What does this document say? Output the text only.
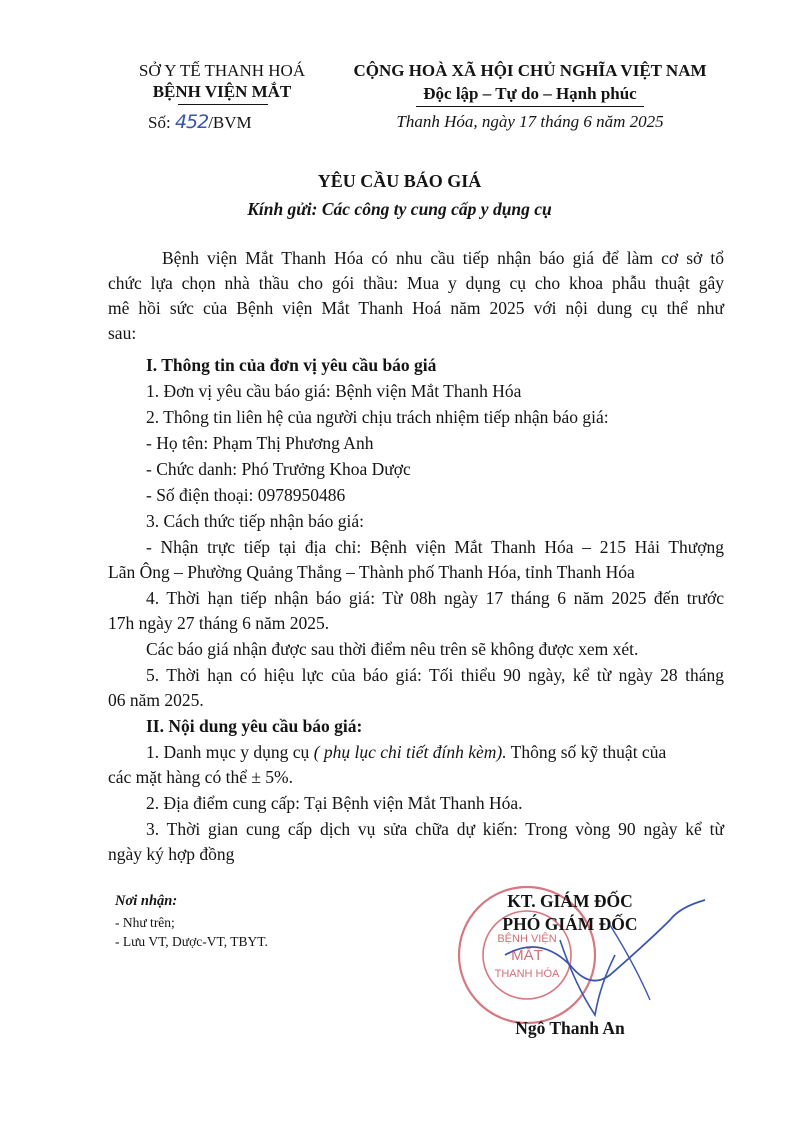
SỞ Y TẾ THANH HOÁ
BỆNH VIỆN MẮT
Số: 452/BVM
CỘNG HOÀ XÃ HỘI CHỦ NGHĨA VIỆT NAM
Độc lập – Tự do – Hạnh phúc
Thanh Hóa, ngày 17 tháng 6 năm 2025
YÊU CẦU BÁO GIÁ
Kính gửi: Các công ty cung cấp y dụng cụ
Bệnh viện Mắt Thanh Hóa có nhu cầu tiếp nhận báo giá để làm cơ sở tổ
chức lựa chọn nhà thầu cho gói thầu: Mua y dụng cụ cho khoa phẫu thuật gây
mê hồi sức của Bệnh viện Mắt Thanh Hoá năm 2025 với nội dung cụ thể như
sau:
I. Thông tin của đơn vị yêu cầu báo giá
1. Đơn vị yêu cầu báo giá: Bệnh viện Mắt Thanh Hóa
2. Thông tin liên hệ của người chịu trách nhiệm tiếp nhận báo giá:
- Họ tên: Phạm Thị Phương Anh
- Chức danh: Phó Trưởng Khoa Dược
- Số điện thoại: 0978950486
3. Cách thức tiếp nhận báo giá:
- Nhận trực tiếp tại địa chỉ: Bệnh viện Mắt Thanh Hóa – 215 Hải Thượng
Lãn Ông – Phường Quảng Thắng – Thành phố Thanh Hóa, tỉnh Thanh Hóa
4. Thời hạn tiếp nhận báo giá: Từ 08h ngày 17 tháng 6 năm 2025 đến trước
17h ngày 27 tháng 6 năm 2025.
Các báo giá nhận được sau thời điểm nêu trên sẽ không được xem xét.
5. Thời hạn có hiệu lực của báo giá: Tối thiểu 90 ngày, kể từ ngày 28 tháng
06 năm 2025.
II. Nội dung yêu cầu báo giá:
1. Danh mục y dụng cụ ( phụ lục chi tiết đính kèm). Thông số kỹ thuật của
các mặt hàng có thể ± 5%.
2. Địa điểm cung cấp: Tại Bệnh viện Mắt Thanh Hóa.
3. Thời gian cung cấp dịch vụ sửa chữa dự kiến: Trong vòng 90 ngày kể từ
ngày ký hợp đồng
Nơi nhận:
- Như trên;
- Lưu VT, Dược-VT, TBYT.	BỆNH VIỆN
MẮT
THANH HÓA
KT. GIÁM ĐỐC
PHÓ GIÁM ĐỐC
Ngô Thanh An
